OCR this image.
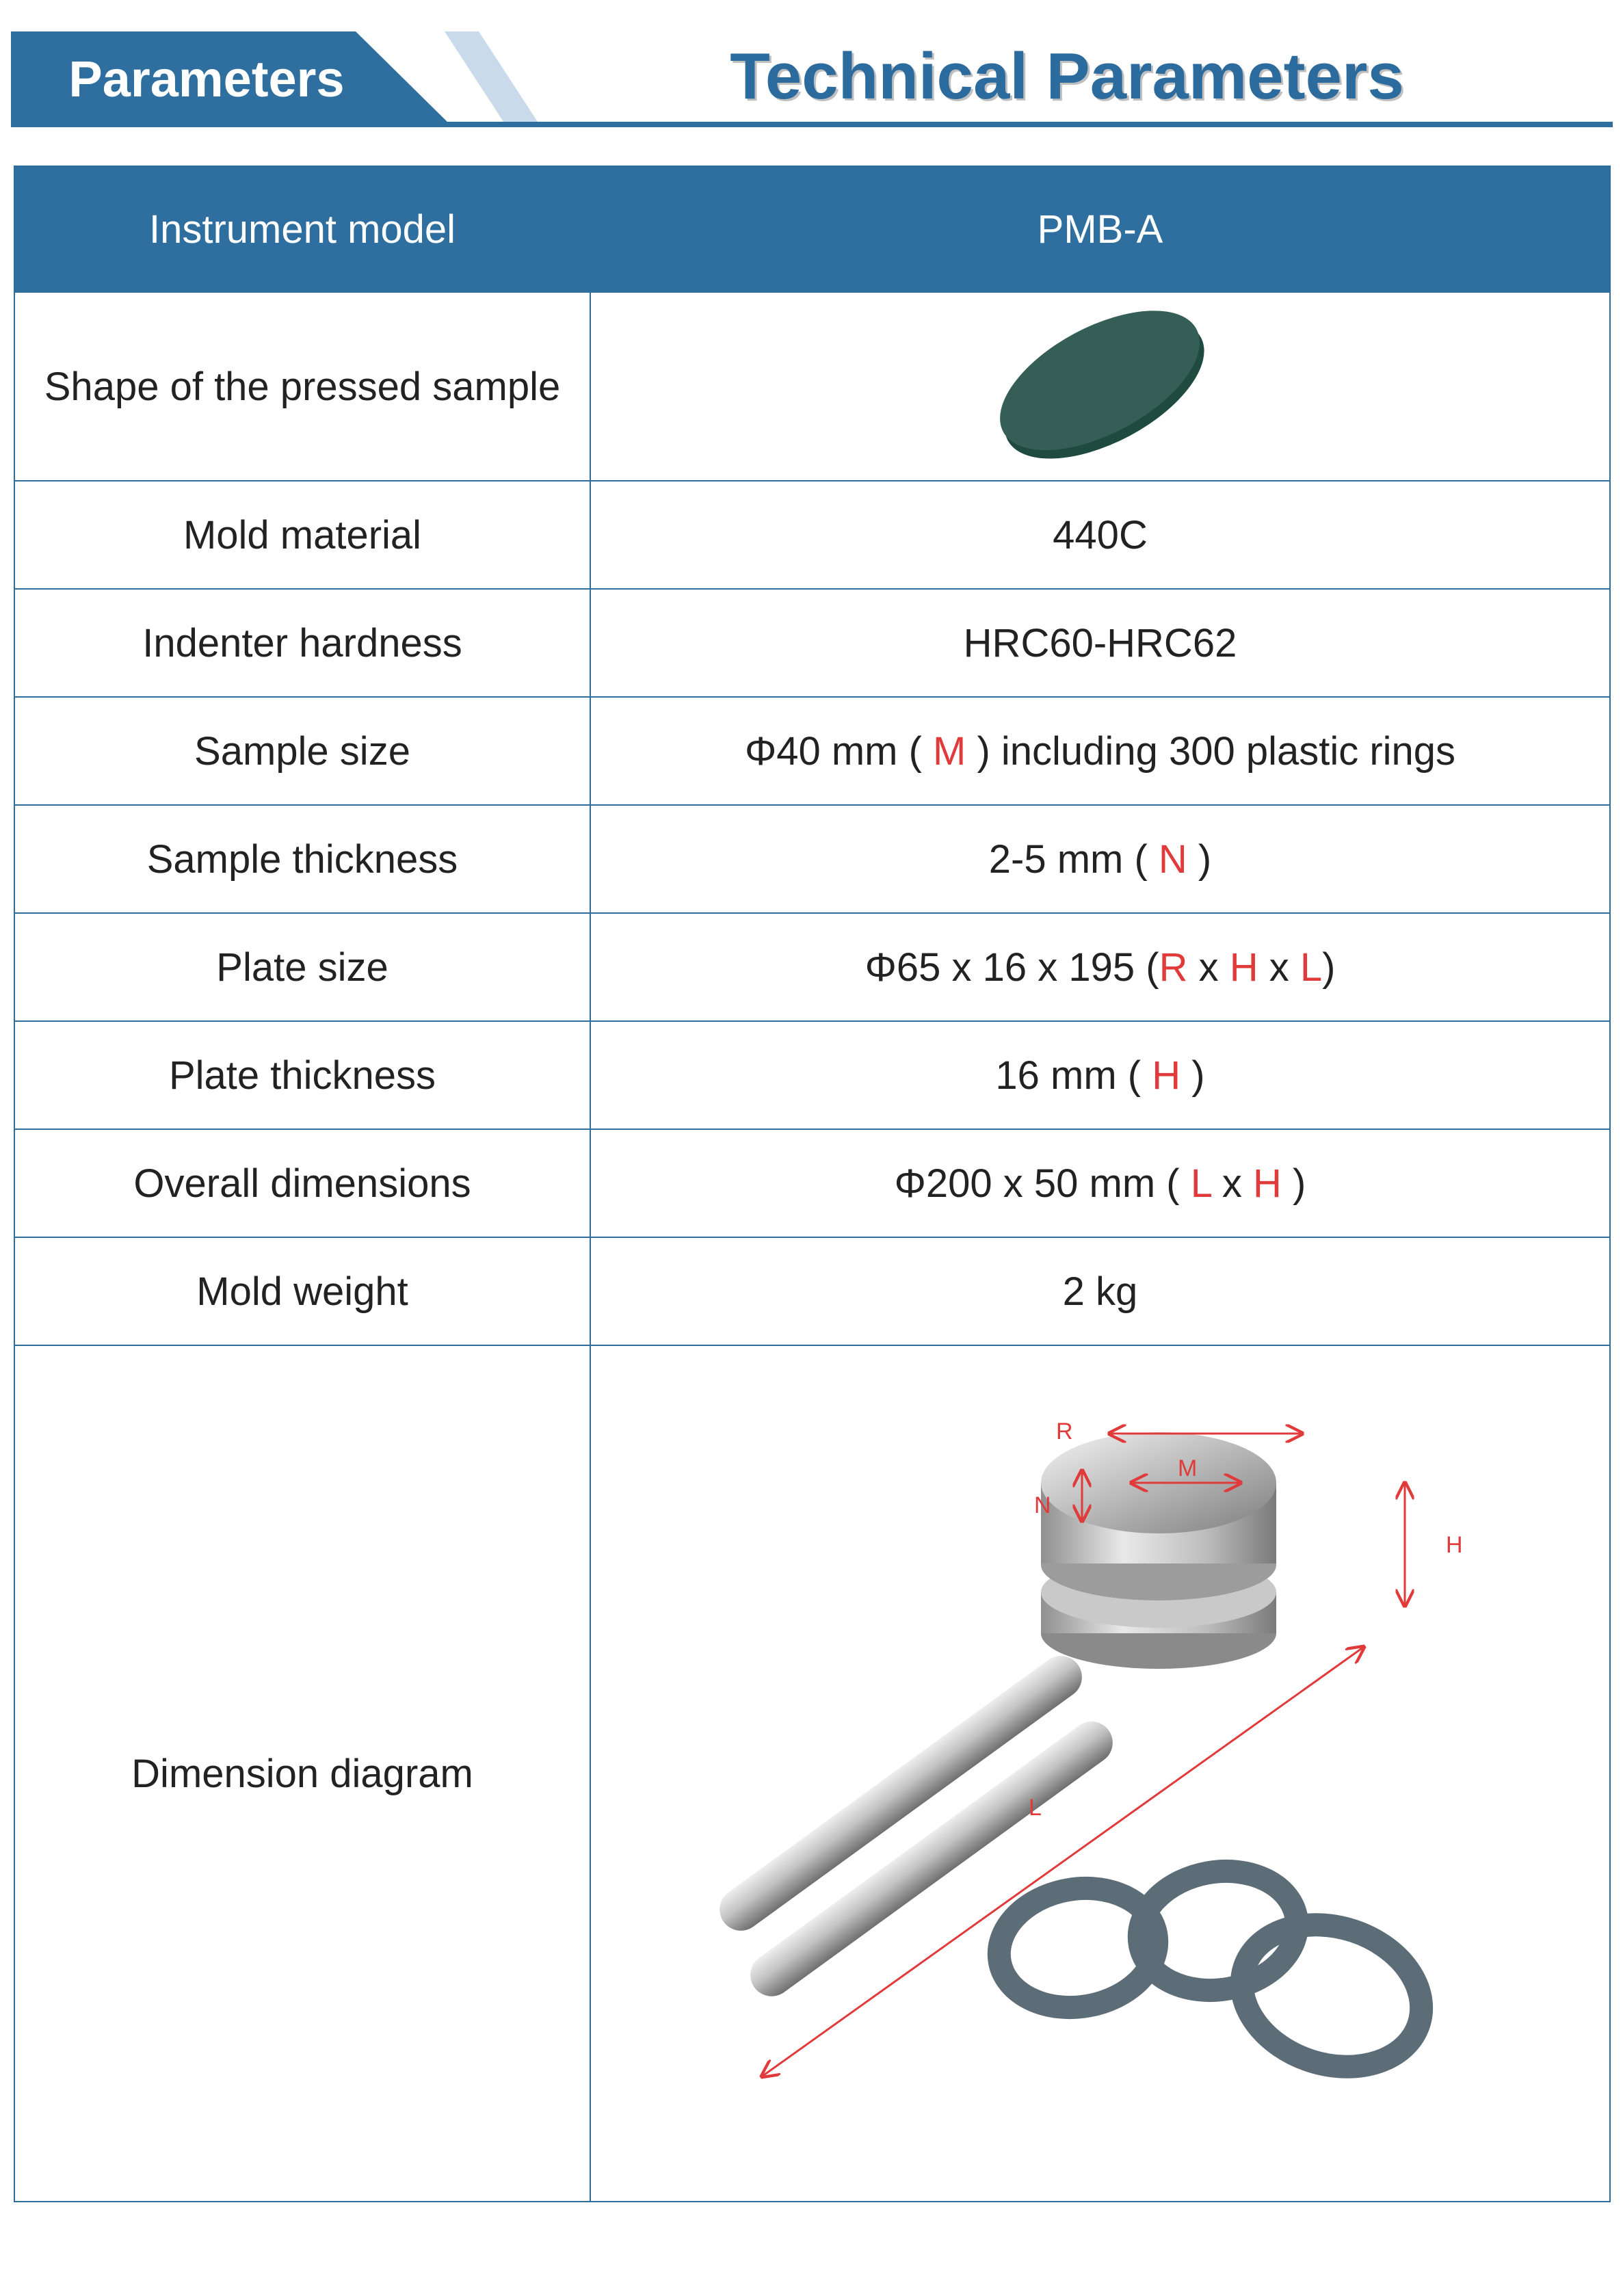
Parameters	Technical Parameters
Instrument model	PMB-A
Shape of the pressed sample	
Mold material	440C
Indenter hardness	HRC60-HRC62
Sample size	Φ40 mm ( M ) including 300 plastic rings
Sample thickness	2-5 mm ( N )
Plate size	Φ65 x 16 x 195 (R x H x L)
Plate thickness	16 mm ( H )
Overall dimensions	Φ200 x 50 mm ( L x H )
Mold weight	2 kg
Dimension diagram	R
M
N
H
L
